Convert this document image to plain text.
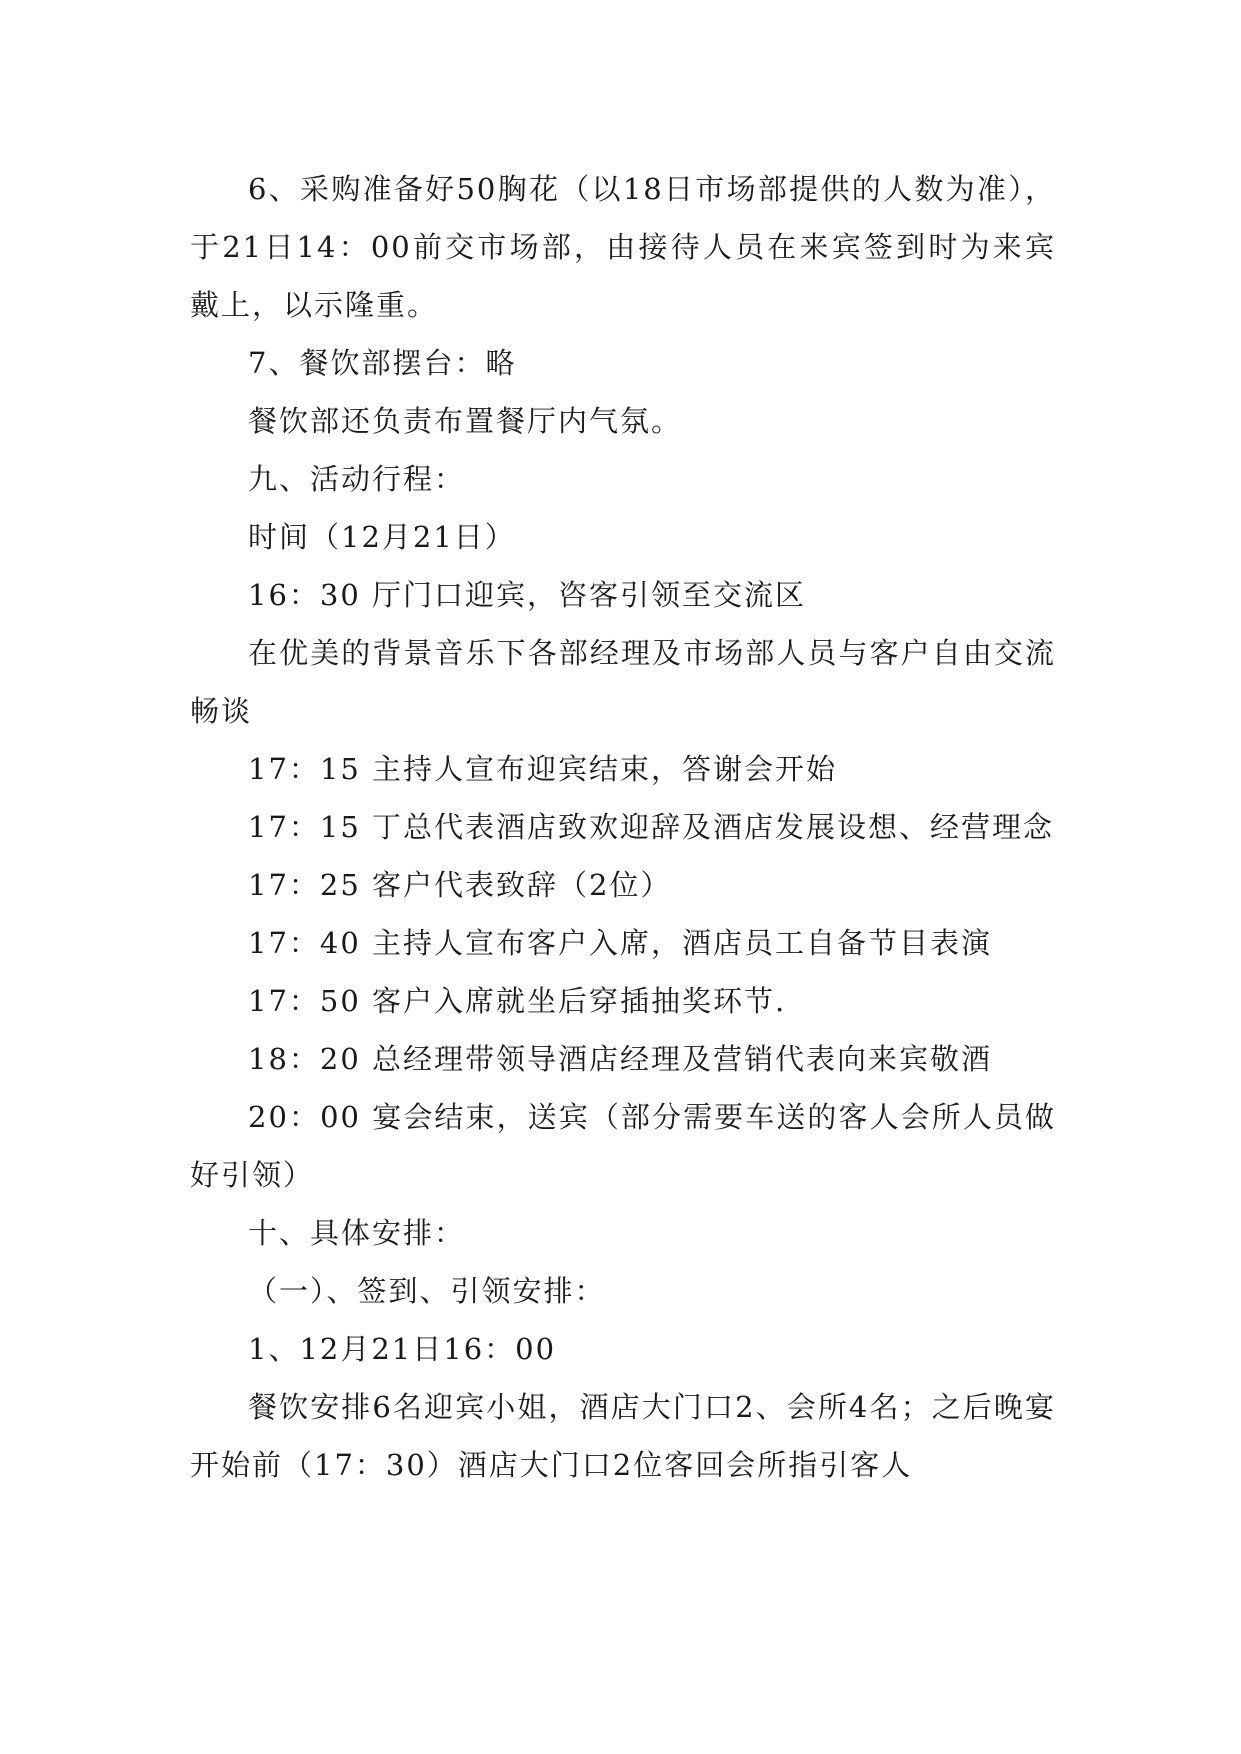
6、采购准备好50胸花（以18日市场部提供的人数为准），于21日14：00前交市场部，由接待人员在来宾签到时为来宾戴上，以示隆重。

7、餐饮部摆台：略

餐饮部还负责布置餐厅内气氛。

九、活动行程：

时间（12月21日）

16：30 厅门口迎宾，咨客引领至交流区

在优美的背景音乐下各部经理及市场部人员与客户自由交流畅谈

17：15 主持人宣布迎宾结束，答谢会开始

17：15 丁总代表酒店致欢迎辞及酒店发展设想、经营理念

17：25 客户代表致辞（2位）

17：40 主持人宣布客户入席，酒店员工自备节目表演

17：50 客户入席就坐后穿插抽奖环节.

18：20 总经理带领导酒店经理及营销代表向来宾敬酒

20：00 宴会结束，送宾（部分需要车送的客人会所人员做好引领）

十、具体安排：

（一）、签到、引领安排：

1、12月21日16：00

餐饮安排6名迎宾小姐，酒店大门口2、会所4名；之后晚宴开始前（17：30）酒店大门口2位客回会所指引客人
